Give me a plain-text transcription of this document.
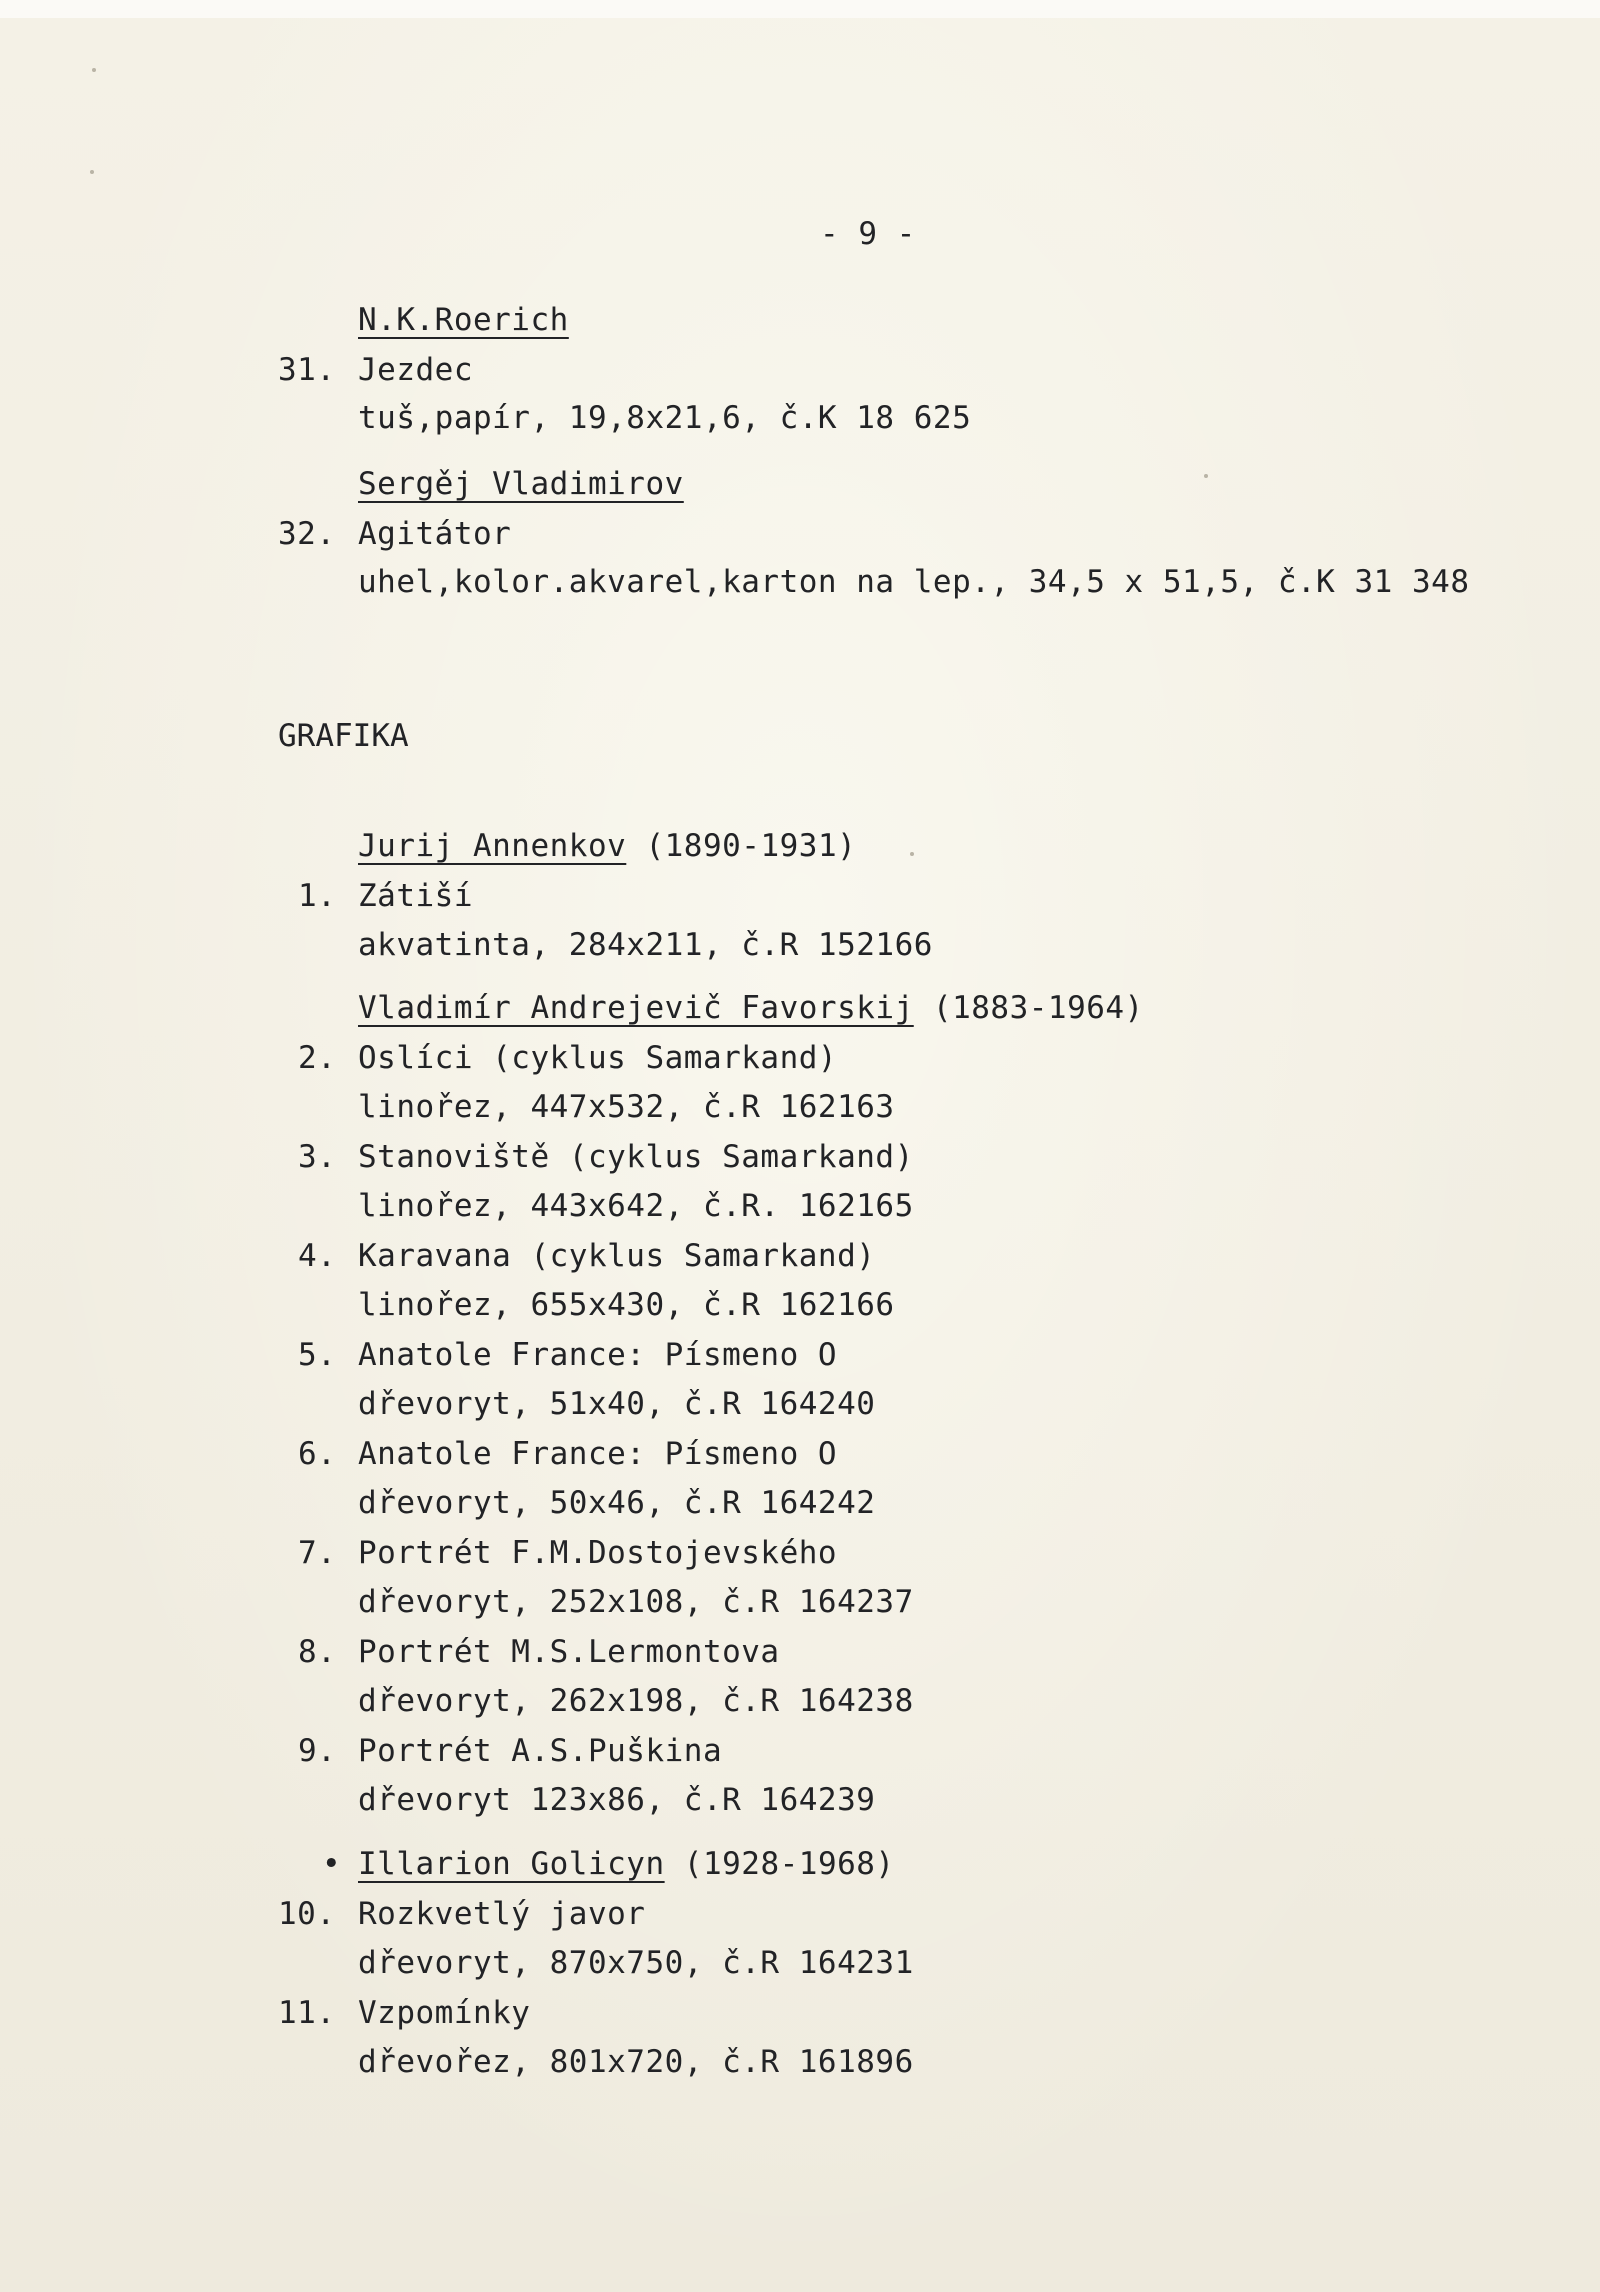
- 9 -
N.K.Roerich
31. Jezdec
tuš,papír, 19,8x21,6, č.K 18 625
Sergěj Vladimirov
32. Agitátor
uhel,kolor.akvarel,karton na lep., 34,5 x 51,5, č.K 31 348
GRAFIKA
Jurij Annenkov (1890-1931)
1. Zátiší
akvatinta, 284x211, č.R 152166
Vladimír Andrejevič Favorskij (1883-1964)
2. Oslíci (cyklus Samarkand)
linořez, 447x532, č.R 162163
3. Stanoviště (cyklus Samarkand)
linořez, 443x642, č.R. 162165
4. Karavana (cyklus Samarkand)
linořez, 655x430, č.R 162166
5. Anatole France: Písmeno O
dřevoryt, 51x40, č.R 164240
6. Anatole France: Písmeno O
dřevoryt, 50x46, č.R 164242
7. Portrét F.M.Dostojevského
dřevoryt, 252x108, č.R 164237
8. Portrét M.S.Lermontova
dřevoryt, 262x198, č.R 164238
9. Portrét A.S.Puškina
dřevoryt 123x86, č.R 164239
• Illarion Golicyn (1928-1968)
10. Rozkvetlý javor
dřevoryt, 870x750, č.R 164231
11. Vzpomínky
dřevořez, 801x720, č.R 161896
